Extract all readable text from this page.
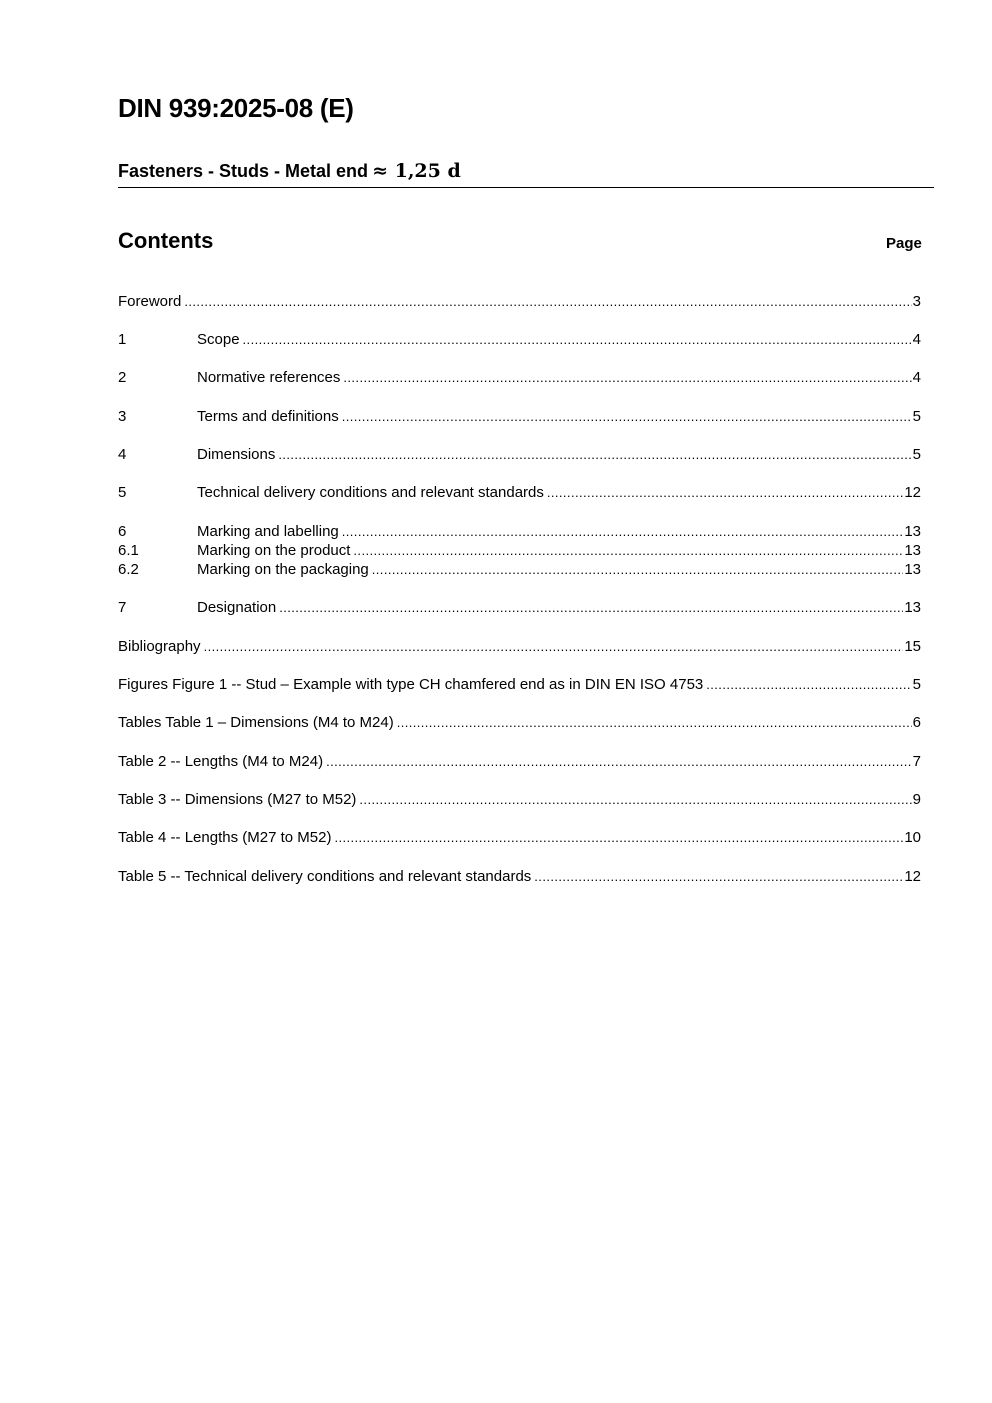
DIN 939:2025-08 (E)
Fasteners - Studs - Metal end ≈ 1,25 d
Contents	Page
Foreword .....	3
1	Scope .....	4
2	Normative references .....	4
3	Terms and definitions .....	5
4	Dimensions .....	5
5	Technical delivery conditions and relevant standards .....	12
6	Marking and labelling .....	13
6.1	Marking on the product .....	13
6.2	Marking on the packaging .....	13
7	Designation .....	13
Bibliography .....	15
Figures Figure 1 -- Stud – Example with type CH chamfered end as in DIN EN ISO 4753 .....	5
Tables Table 1 – Dimensions (M4 to M24) .....	6
Table 2 -- Lengths (M4 to M24) .....	7
Table 3 -- Dimensions (M27 to M52) .....	9
Table 4 -- Lengths (M27 to M52) .....	10
Table 5 -- Technical delivery conditions and relevant standards .....	12
